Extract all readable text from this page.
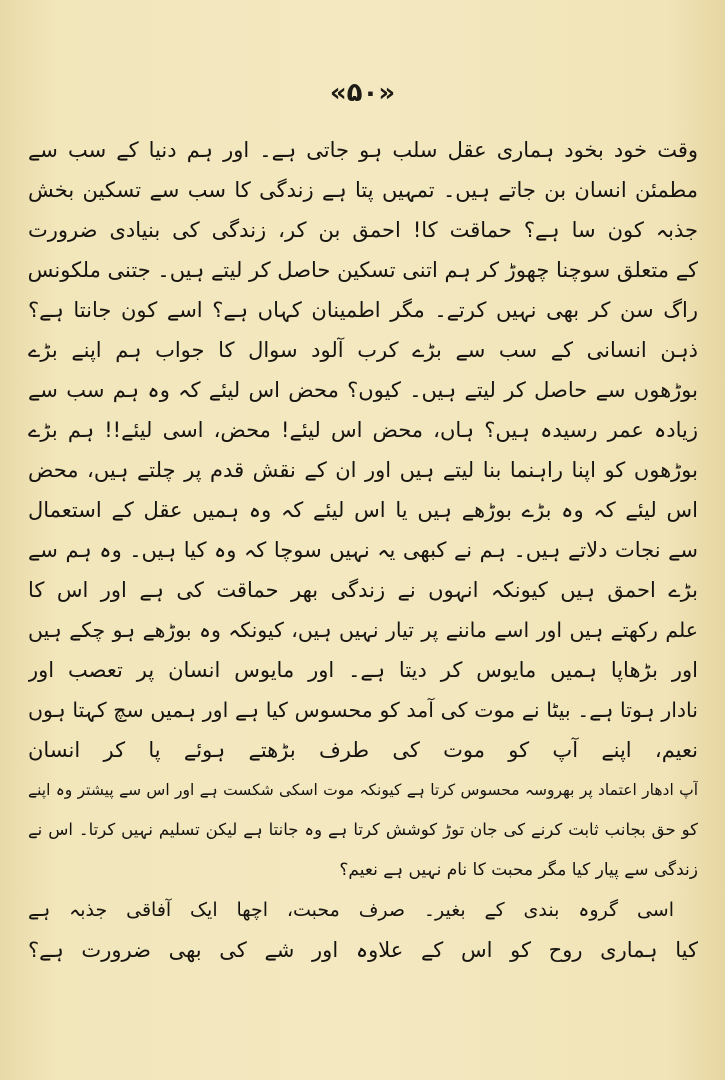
«۵۰»
وقت خود بخود ہماری عقل سلب ہو جاتی ہے۔ اور ہم دنیا کے سب سے
مطمئن انسان بن جاتے ہیں۔ تمہیں پتا ہے زندگی کا سب سے تسکین بخش
جذبہ کون سا ہے؟ حماقت کا! احمق بن کر، زندگی کی بنیادی ضرورت
کے متعلق سوچنا چھوڑ کر ہم اتنی تسکین حاصل کر لیتے ہیں۔ جتنی ملکونس
راگ سن کر بھی نہیں کرتے۔ مگر اطمینان کہاں ہے؟ اسے کون جانتا ہے؟
ذہن انسانی کے سب سے بڑے کرب آلود سوال کا جواب ہم اپنے بڑے
بوڑھوں سے حاصل کر لیتے ہیں۔ کیوں؟ محض اس لیئے کہ وہ ہم سب سے
زیادہ عمر رسیدہ ہیں؟ ہاں، محض اس لیئے! محض، اسی لیئے!! ہم بڑے
بوڑھوں کو اپنا راہنما بنا لیتے ہیں اور ان کے نقش قدم پر چلتے ہیں، محض
اس لیئے کہ وہ بڑے بوڑھے ہیں یا اس لیئے کہ وہ ہمیں عقل کے استعمال
سے نجات دلاتے ہیں۔ ہم نے کبھی یہ نہیں سوچا کہ وہ کیا ہیں۔ وہ ہم سے
بڑے احمق ہیں کیونکہ انہوں نے زندگی بھر حماقت کی ہے اور اس کا
علم رکھتے ہیں اور اسے ماننے پر تیار نہیں ہیں، کیونکہ وہ بوڑھے ہو چکے ہیں
اور بڑھاپا ہمیں مایوس کر دیتا ہے۔ اور مایوس انسان پر تعصب اور
نادار ہوتا ہے۔ بیٹا نے موت کی آمد کو محسوس کیا ہے اور ہمیں سچ کہتا ہوں
نعیم، اپنے آپ کو موت کی طرف بڑھتے ہوئے پا کر انسان
آپ ادھار اعتماد پر بھروسہ محسوس کرتا ہے کیونکہ موت اسکی شکست ہے اور اس سے پیشتر وہ اپنے
کو حق بجانب ثابت کرنے کی جان توڑ کوشش کرتا ہے وہ جانتا ہے لیکن تسلیم نہیں کرتا۔ اس نے
زندگی سے پیار کیا مگر محبت کا نام نہیں ہے نعیم؟
اسی گروہ بندی کے بغیر۔ صرف محبت، اچھا ایک آفاقی جذبہ ہے
کیا ہماری روح کو اس کے علاوہ اور شے کی بھی ضرورت ہے؟
